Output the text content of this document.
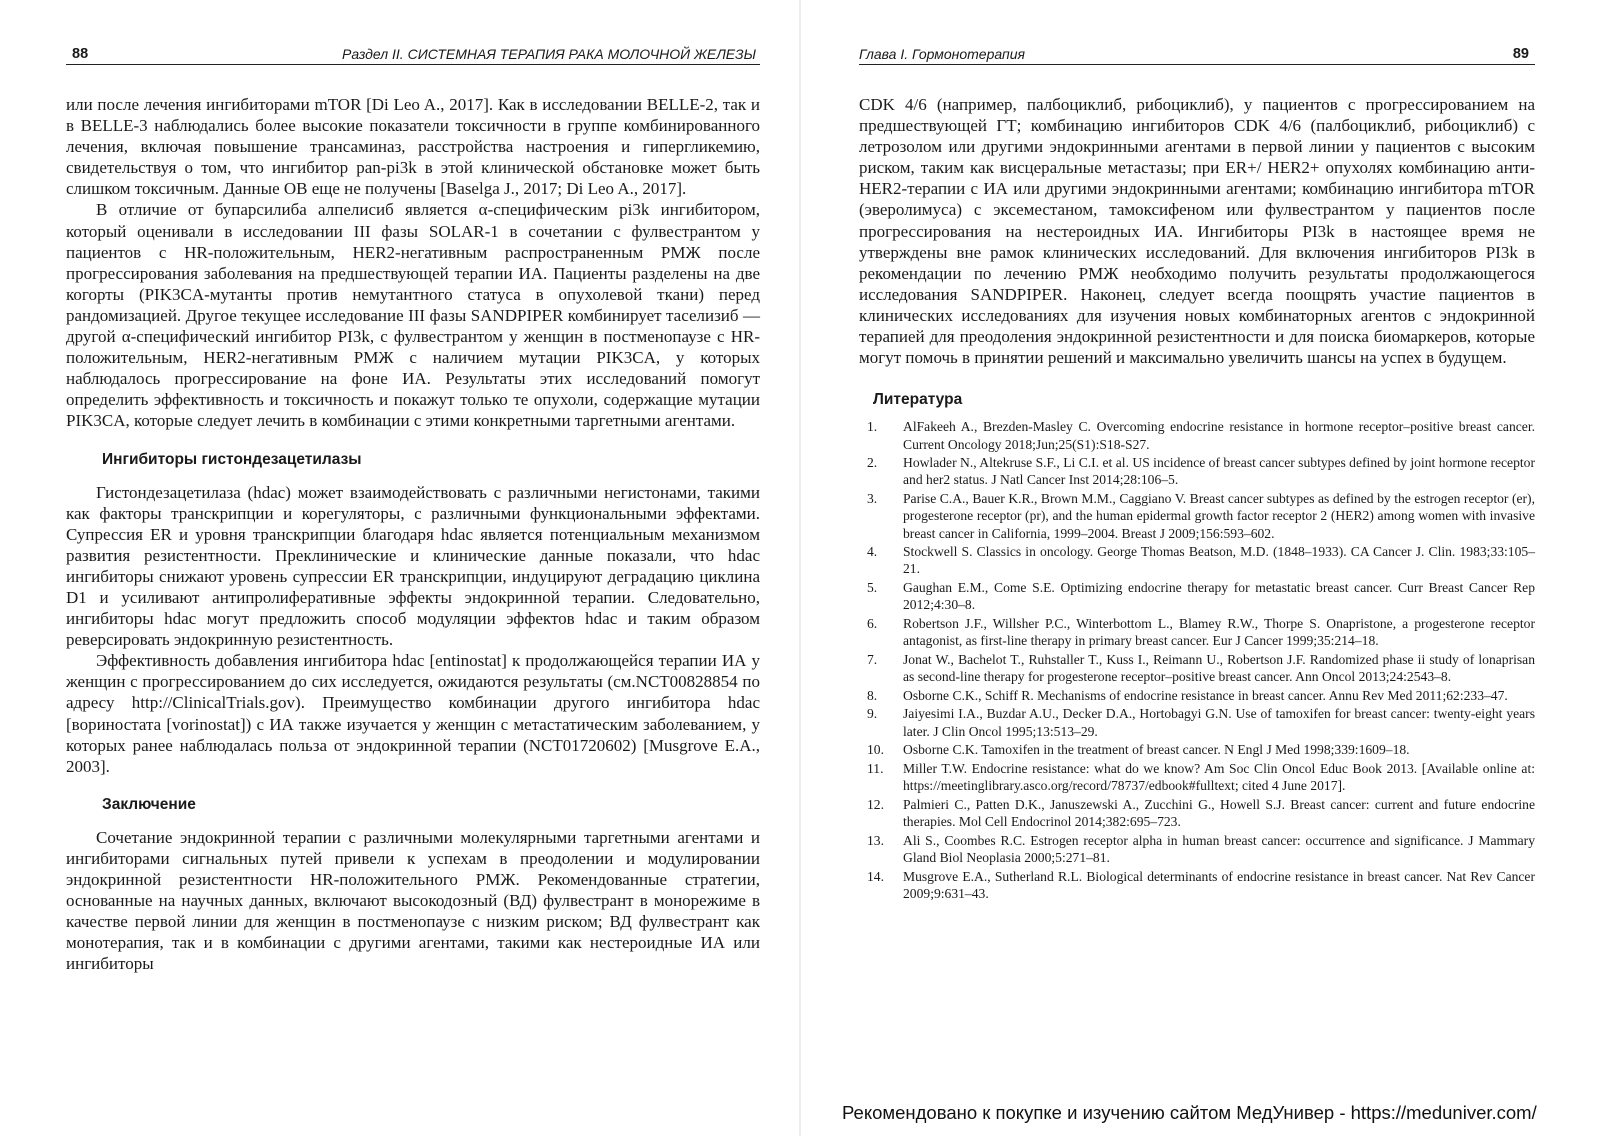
88	Раздел II. СИСТЕМНАЯ ТЕРАПИЯ РАКА МОЛОЧНОЙ ЖЕЛЕЗЫ

или после лечения ингибиторами mTOR [Di Leo A., 2017]. Как в исследовании BELLE-2, так и в BELLE-3 наблюдались более высокие показатели токсичности в группе комбинированного лечения, включая повышение трансаминаз, расстройства настроения и гипергликемию, свидетельствуя о том, что ингибитор pan-pi3k в этой клинической обстановке может быть слишком токсичным. Данные ОВ еще не получены [Baselga J., 2017; Di Leo A., 2017].

В отличие от бупарсилиба алпелисиб является α-специфическим pi3k ингибитором, который оценивали в исследовании III фазы SOLAR-1 в сочетании с фулвестрантом у пациентов с HR-положительным, HER2-негативным распространенным РМЖ после прогрессирования заболевания на предшествующей терапии ИА. Пациенты разделены на две когорты (PIK3CA-мутанты против немутантного статуса в опухолевой ткани) перед рандомизацией. Другое текущее исследование III фазы SANDPIPER комбинирует таселизиб — другой α-специфический ингибитор PI3k, с фулвестрантом у женщин в постменопаузе с HR-положительным, HER2-негативным РМЖ с наличием мутации PIK3CA, у которых наблюдалось прогрессирование на фоне ИА. Результаты этих исследований помогут определить эффективность и токсичность и покажут только те опухоли, содержащие мутации PIK3CA, которые следует лечить в комбинации с этими конкретными таргетными агентами.

Ингибиторы гистондезацетилазы

Гистондезацетилаза (hdac) может взаимодействовать с различными негистонами, такими как факторы транскрипции и корегуляторы, с различными функциональными эффектами. Супрессия ER и уровня транскрипции благодаря hdac является потенциальным механизмом развития резистентности. Преклинические и клинические данные показали, что hdac ингибиторы снижают уровень супрессии ER транскрипции, индуцируют деградацию циклина D1 и усиливают антипролиферативные эффекты эндокринной терапии. Следовательно, ингибиторы hdac могут предложить способ модуляции эффектов hdac и таким образом реверсировать эндокринную резистентность.

Эффективность добавления ингибитора hdac [entinostat] к продолжающейся терапии ИА у женщин с прогрессированием до сих исследуется, ожидаются результаты (см.NCT00828854 по адресу http://ClinicalTrials.gov). Преимущество комбинации другого ингибитора hdac [вориностата [vorinostat]) с ИА также изучается у женщин с метастатическим заболеванием, у которых ранее наблюдалась польза от эндокринной терапии (NCT01720602) [Musgrove E.A., 2003].

Заключение

Сочетание эндокринной терапии с различными молекулярными таргетными агентами и ингибиторами сигнальных путей привели к успехам в преодолении и модулировании эндокринной резистентности HR-положительного РМЖ. Рекомендованные стратегии, основанные на научных данных, включают высокодозный (ВД) фулвестрант в монорежиме в качестве первой линии для женщин в постменопаузе с низким риском; ВД фулвестрант как монотерапия, так и в комбинации с другими агентами, такими как нестероидные ИА или ингибиторы

Глава I. Гормонотерапия	89

CDK 4/6 (например, палбоциклиб, рибоциклиб), у пациентов с прогрессированием на предшествующей ГТ; комбинацию ингибиторов CDK 4/6 (палбоциклиб, рибоциклиб) с летрозолом или другими эндокринными агентами в первой линии у пациентов с высоким риском, таким как висцеральные метастазы; при ER+/ HER2+ опухолях комбинацию анти-HER2-терапии с ИА или другими эндокринными агентами; комбинацию ингибитора mTOR (эверолимуса) с эксеместаном, тамоксифеном или фулвестрантом у пациентов после прогрессирования на нестероидных ИА. Ингибиторы PI3k в настоящее время не утверждены вне рамок клинических исследований. Для включения ингибиторов PI3k в рекомендации по лечению РМЖ необходимо получить результаты продолжающегося исследования SANDPIPER. Наконец, следует всегда поощрять участие пациентов в клинических исследованиях для изучения новых комбинаторных агентов с эндокринной терапией для преодоления эндокринной резистентности и для поиска биомаркеров, которые могут помочь в принятии решений и максимально увеличить шансы на успех в будущем.

Литература
1.	AlFakeeh A., Brezden-Masley C. Overcoming endocrine resistance in hormone receptor–positive breast cancer. Current Oncology 2018;Jun;25(S1):S18-S27.
2.	Howlader N., Altekruse S.F., Li C.I. et al. US incidence of breast cancer subtypes defined by joint hormone receptor and her2 status. J Natl Cancer Inst 2014;28:106–5.
3.	Parise C.A., Bauer K.R., Brown M.M., Caggiano V. Breast cancer subtypes as defined by the estrogen receptor (er), progesterone receptor (pr), and the human epidermal growth factor receptor 2 (HER2) among women with invasive breast cancer in California, 1999–2004. Breast J 2009;156:593–602.
4.	Stockwell S. Classics in oncology. George Thomas Beatson, M.D. (1848–1933). CA Cancer J. Clin. 1983;33:105–21.
5.	Gaughan E.M., Come S.E. Optimizing endocrine therapy for metastatic breast cancer. Curr Breast Cancer Rep 2012;4:30–8.
6.	Robertson J.F., Willsher P.C., Winterbottom L., Blamey R.W., Thorpe S. Onapristone, a progesterone receptor antagonist, as first-line therapy in primary breast cancer. Eur J Cancer 1999;35:214–18.
7.	Jonat W., Bachelot T., Ruhstaller T., Kuss I., Reimann U., Robertson J.F. Randomized phase ii study of lonaprisan as second-line therapy for progesterone receptor–positive breast cancer. Ann Oncol 2013;24:2543–8.
8.	Osborne C.K., Schiff R. Mechanisms of endocrine resistance in breast cancer. Annu Rev Med 2011;62:233–47.
9.	Jaiyesimi I.A., Buzdar A.U., Decker D.A., Hortobagyi G.N. Use of tamoxifen for breast cancer: twenty-eight years later. J Clin Oncol 1995;13:513–29.
10.	Osborne C.K. Tamoxifen in the treatment of breast cancer. N Engl J Med 1998;339:1609–18.
11.	Miller T.W. Endocrine resistance: what do we know? Am Soc Clin Oncol Educ Book 2013. [Available online at: https://meetinglibrary.asco.org/record/78737/edbook#fulltext; cited 4 June 2017].
12.	Palmieri C., Patten D.K., Januszewski A., Zucchini G., Howell S.J. Breast cancer: current and future endocrine therapies. Mol Cell Endocrinol 2014;382:695–723.
13.	Ali S., Coombes R.C. Estrogen receptor alpha in human breast cancer: occurrence and significance. J Mammary Gland Biol Neoplasia 2000;5:271–81.
14.	Musgrove E.A., Sutherland R.L. Biological determinants of endocrine resistance in breast cancer. Nat Rev Cancer 2009;9:631–43.
Рекомендовано к покупке и изучению сайтом МедУнивер - https://meduniver.com/
